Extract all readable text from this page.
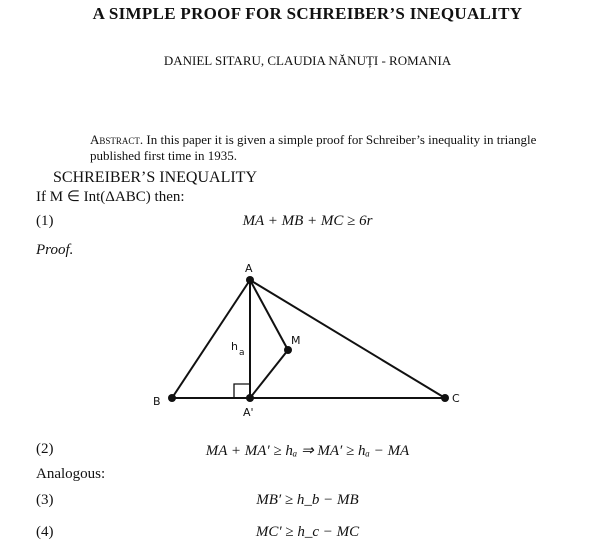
A SIMPLE PROOF FOR SCHREIBER’S INEQUALITY
DANIEL SITARU, CLAUDIA NĂNUȚI - ROMANIA
Abstract. In this paper it is given a simple proof for Schreiber’s inequality in triangle published first time in 1935.
SCHREIBER’S INEQUALITY
If M ∈ Int(ΔABC) then:
(1)	MA + MB + MC ≥ 6r
Proof.
A
B	C
M
A'
h a
(2)	MA + MA′ ≥ hₐ ⇒ MA′ ≥ hₐ − MA
Analogous:
(3)	MB′ ≥ h_b − MB
(4)	MC′ ≥ h_c − MC
